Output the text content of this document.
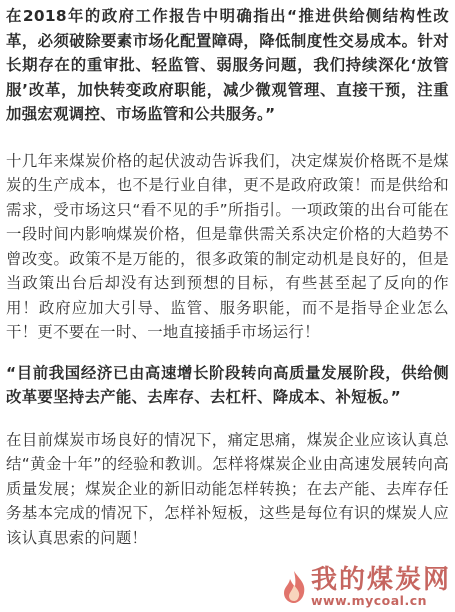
在2018年的政府工作报告中明确指出“推进供给侧结构性改革，必须破除要素市场化配置障碍，降低制度性交易成本。针对长期存在的重审批、轻监管、弱服务问题，我们持续深化‘放管服’改革，加快转变政府职能，减少微观管理、直接干预，注重加强宏观调控、市场监管和公共服务。”

十几年来煤炭价格的起伏波动告诉我们，决定煤炭价格既不是煤炭的生产成本，也不是行业自律，更不是政府政策！而是供给和需求，受市场这只“看不见的手”所指引。一项政策的出台可能在一段时间内影响煤炭价格，但是靠供需关系决定价格的大趋势不曾改变。政策不是万能的，很多政策的制定动机是良好的，但是当政策出台后却没有达到预想的目标，有些甚至起了反向的作用！政府应加大引导、监管、服务职能，而不是指导企业怎么干！更不要在一时、一地直接插手市场运行！

“目前我国经济已由高速增长阶段转向高质量发展阶段，供给侧改革要坚持去产能、去库存、去杠杆、降成本、补短板。”

在目前煤炭市场良好的情况下，痛定思痛，煤炭企业应该认真总结“黄金十年”的经验和教训。怎样将煤炭企业由高速发展转向高质量发展；煤炭企业的新旧动能怎样转换；在去产能、去库存任务基本完成的情况下，怎样补短板，这些是每位有识的煤炭人应该认真思索的问题！

我的煤炭网
www.mycoal.cn
